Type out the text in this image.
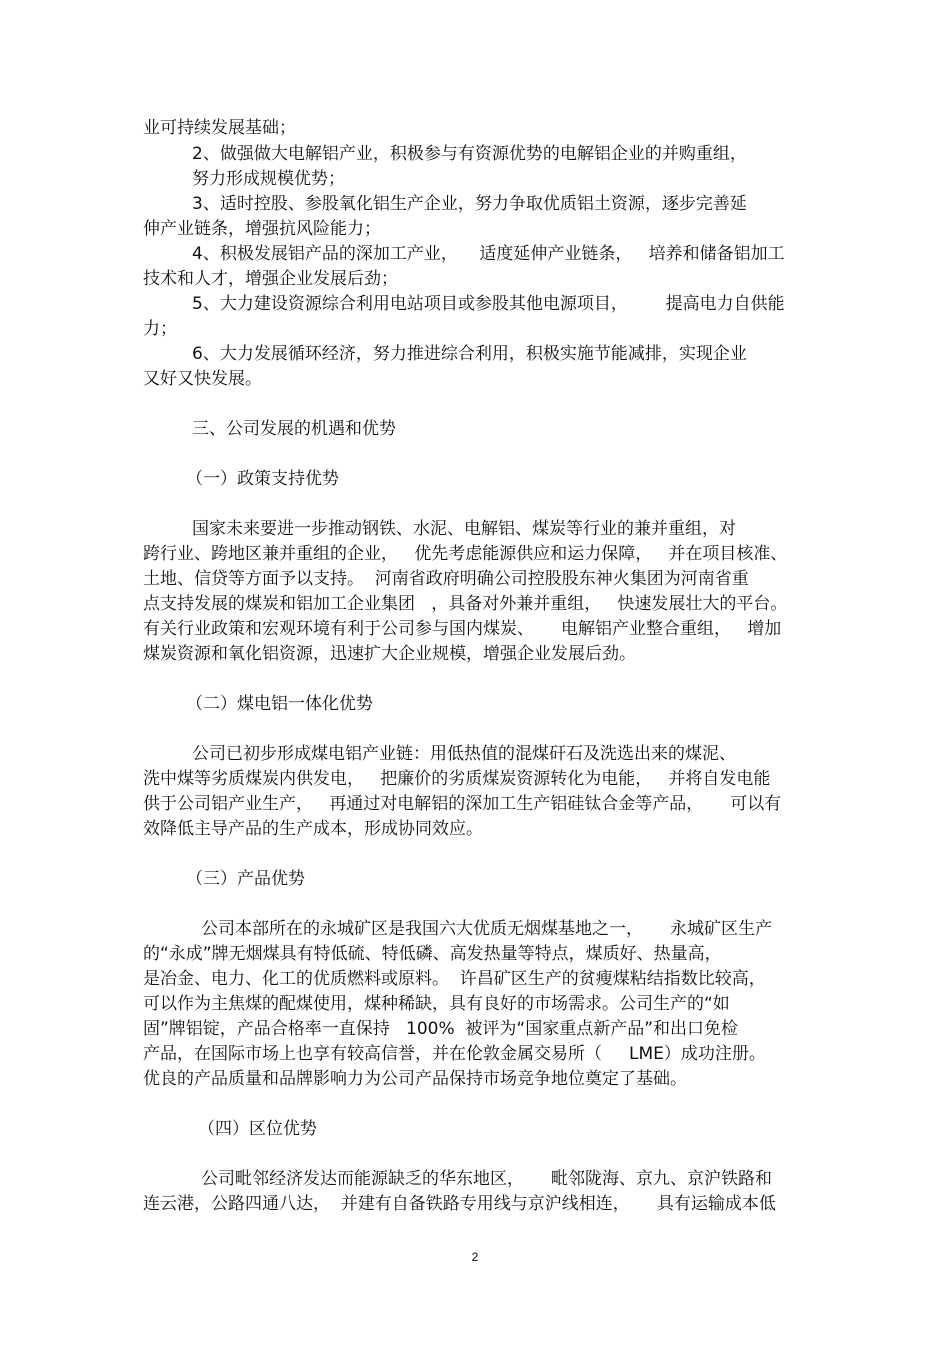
业可持续发展基础；
2、做强做大电解铝产业，积极参与有资源优势的电解铝企业的并购重组，
努力形成规模优势；
3、适时控股、参股氧化铝生产企业，努力争取优质铝土资源，逐步完善延
伸产业链条，增强抗风险能力；
4、积极发展铝产品的深加工产业，    适度延伸产业链条，   培养和储备铝加工
技术和人才，增强企业发展后劲；
5、大力建设资源综合利用电站项目或参股其他电源项目，       提高电力自供能
力；
6、大力发展循环经济，努力推进综合利用，积极实施节能减排，实现企业
又好又快发展。
三、公司发展的机遇和优势
（一）政策支持优势
国家未来要进一步推动钢铁、水泥、电解铝、煤炭等行业的兼并重组，对
跨行业、跨地区兼并重组的企业，   优先考虑能源供应和运力保障，   并在项目核准、
土地、信贷等方面予以支持。  河南省政府明确公司控股股东神火集团为河南省重
点支持发展的煤炭和铝加工企业集团   ，具备对外兼并重组，   快速发展壮大的平台。
有关行业政策和宏观环境有利于公司参与国内煤炭、     电解铝产业整合重组，   增加
煤炭资源和氧化铝资源，迅速扩大企业规模，增强企业发展后劲。
（二）煤电铝一体化优势
公司已初步形成煤电铝产业链：用低热值的混煤矸石及洗选出来的煤泥、
洗中煤等劣质煤炭内供发电，   把廉价的劣质煤炭资源转化为电能，   并将自发电能
供于公司铝产业生产，   再通过对电解铝的深加工生产铝硅钛合金等产品，     可以有
效降低主导产品的生产成本，形成协同效应。
（三）产品优势
公司本部所在的永城矿区是我国六大优质无烟煤基地之一，     永城矿区生产
的“永成”牌无烟煤具有特低硫、特低磷、高发热量等特点，煤质好、热量高，
是冶金、电力、化工的优质燃料或原料。  许昌矿区生产的贫瘦煤粘结指数比较高，
可以作为主焦煤的配煤使用，煤种稀缺，具有良好的市场需求。公司生产的“如
固”牌铝锭，产品合格率一直保持   100%  被评为“国家重点新产品”和出口免检
产品，在国际市场上也享有较高信誉，并在伦敦金属交易所（     LME）成功注册。
优良的产品质量和品牌影响力为公司产品保持市场竞争地位奠定了基础。
（四）区位优势
公司毗邻经济发达而能源缺乏的华东地区，     毗邻陇海、京九、京沪铁路和
连云港，公路四通八达，  并建有自备铁路专用线与京沪线相连，     具有运输成本低
2
